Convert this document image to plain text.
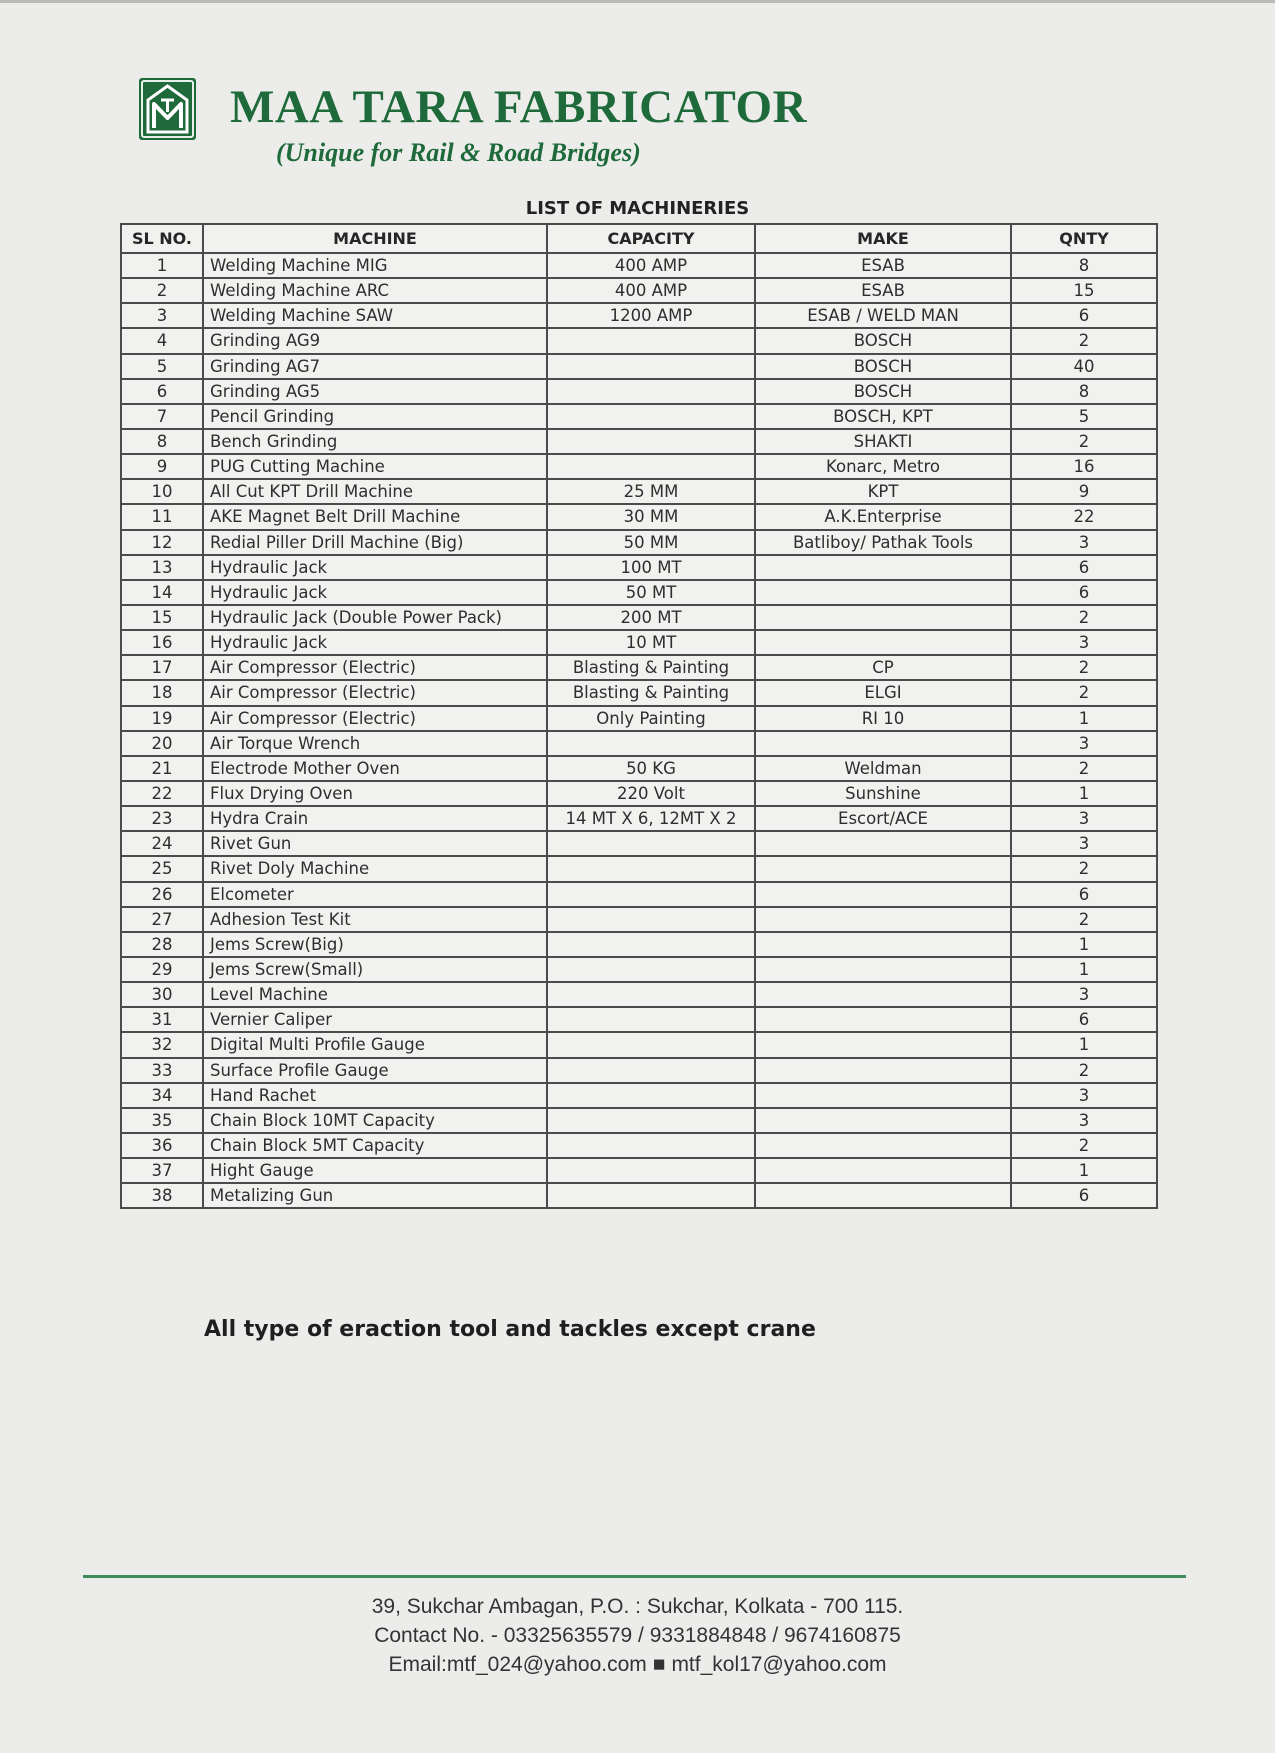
MAA TARA FABRICATOR
(Unique for Rail & Road Bridges)
LIST OF MACHINERIES
SL NO.	MACHINE	CAPACITY	MAKE	QNTY
1	Welding Machine MIG	400 AMP	ESAB	8
2	Welding Machine ARC	400 AMP	ESAB	15
3	Welding Machine SAW	1200 AMP	ESAB / WELD MAN	6
4	Grinding AG9		BOSCH	2
5	Grinding AG7		BOSCH	40
6	Grinding AG5		BOSCH	8
7	Pencil Grinding		BOSCH, KPT	5
8	Bench Grinding		SHAKTI	2
9	PUG Cutting Machine		Konarc, Metro	16
10	All Cut KPT Drill Machine	25 MM	KPT	9
11	AKE Magnet Belt Drill Machine	30 MM	A.K.Enterprise	22
12	Redial Piller Drill Machine (Big)	50 MM	Batliboy/ Pathak Tools	3
13	Hydraulic Jack	100 MT		6
14	Hydraulic Jack	50 MT		6
15	Hydraulic Jack (Double Power Pack)	200 MT		2
16	Hydraulic Jack	10 MT		3
17	Air Compressor (Electric)	Blasting & Painting	CP	2
18	Air Compressor (Electric)	Blasting & Painting	ELGI	2
19	Air Compressor (Electric)	Only Painting	RI 10	1
20	Air Torque Wrench			3
21	Electrode Mother Oven	50 KG	Weldman	2
22	Flux Drying Oven	220 Volt	Sunshine	1
23	Hydra Crain	14 MT X 6, 12MT X 2	Escort/ACE	3
24	Rivet Gun			3
25	Rivet Doly Machine			2
26	Elcometer			6
27	Adhesion Test Kit			2
28	Jems Screw(Big)			1
29	Jems Screw(Small)			1
30	Level Machine			3
31	Vernier Caliper			6
32	Digital Multi Profile Gauge			1
33	Surface Profile Gauge			2
34	Hand Rachet			3
35	Chain Block 10MT Capacity			3
36	Chain Block 5MT Capacity			2
37	Hight Gauge			1
38	Metalizing Gun			6
All type of eraction tool and tackles except crane
39, Sukchar Ambagan, P.O. : Sukchar, Kolkata - 700 115.
Contact No. - 03325635579 / 9331884848 / 9674160875
Email:mtf_024@yahoo.com ■ mtf_kol17@yahoo.com
